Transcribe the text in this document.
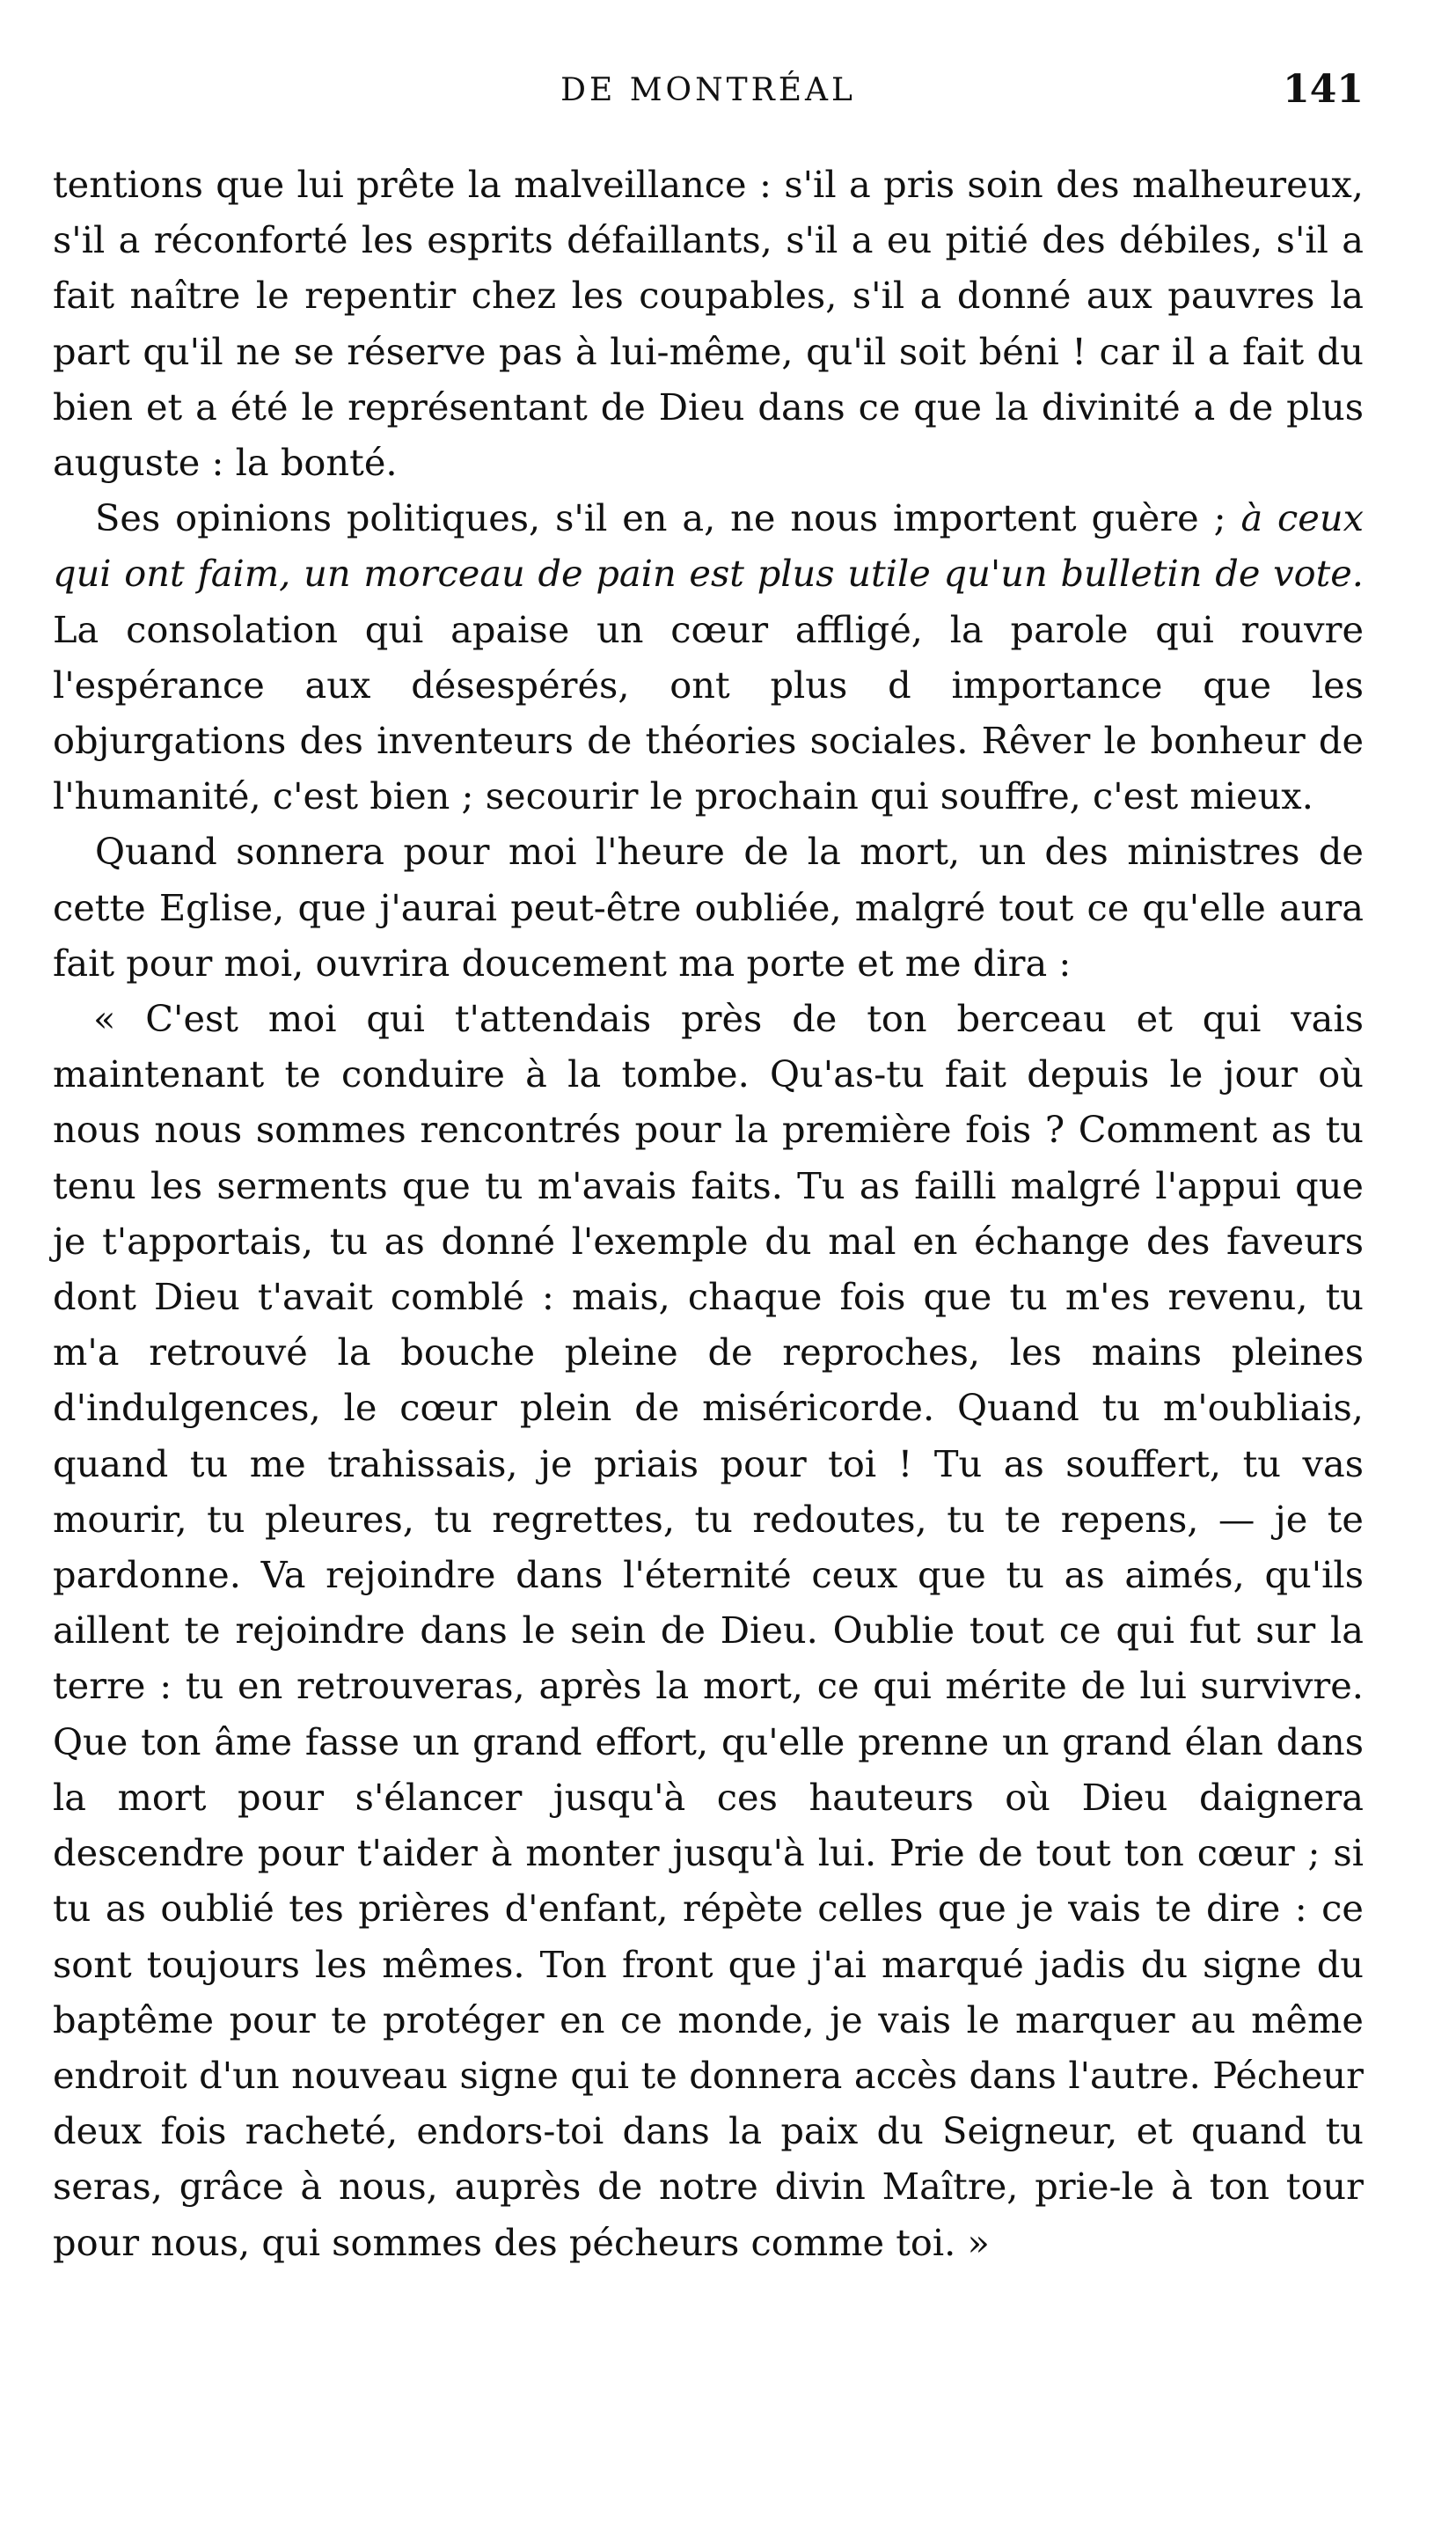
DE MONTRÉAL	141

tentions que lui prête la malveillance : s'il a pris soin des malheureux, s'il a réconforté les esprits défaillants, s'il a eu pitié des débiles, s'il a fait naître le repentir chez les coupables, s'il a donné aux pauvres la part qu'il ne se réserve pas à lui-même, qu'il soit béni ! car il a fait du bien et a été le représentant de Dieu dans ce que la divinité a de plus auguste : la bonté.

Ses opinions politiques, s'il en a, ne nous importent guère ; à ceux qui ont faim, un morceau de pain est plus utile qu'un bulletin de vote. La consolation qui apaise un cœur affligé, la parole qui rouvre l'espérance aux désespérés, ont plus d importance que les objurgations des inventeurs de théories sociales. Rêver le bonheur de l'humanité, c'est bien ; secourir le prochain qui souffre, c'est mieux.

Quand sonnera pour moi l'heure de la mort, un des ministres de cette Eglise, que j'aurai peut-être oubliée, malgré tout ce qu'elle aura fait pour moi, ouvrira doucement ma porte et me dira :

« C'est moi qui t'attendais près de ton berceau et qui vais maintenant te conduire à la tombe. Qu'as-tu fait depuis le jour où nous nous sommes rencontrés pour la première fois ? Comment as tu tenu les serments que tu m'avais faits. Tu as failli malgré l'appui que je t'apportais, tu as donné l'exemple du mal en échange des faveurs dont Dieu t'avait comblé : mais, chaque fois que tu m'es revenu, tu m'a retrouvé la bouche pleine de reproches, les mains pleines d'indulgences, le cœur plein de miséricorde. Quand tu m'oubliais, quand tu me trahissais, je priais pour toi ! Tu as souffert, tu vas mourir, tu pleures, tu regrettes, tu redoutes, tu te repens, — je te pardonne. Va rejoindre dans l'éternité ceux que tu as aimés, qu'ils aillent te rejoindre dans le sein de Dieu. Oublie tout ce qui fut sur la terre : tu en retrouveras, après la mort, ce qui mérite de lui survivre. Que ton âme fasse un grand effort, qu'elle prenne un grand élan dans la mort pour s'élancer jusqu'à ces hauteurs où Dieu daignera descendre pour t'aider à monter jusqu'à lui. Prie de tout ton cœur ; si tu as oublié tes prières d'enfant, répète celles que je vais te dire : ce sont toujours les mêmes. Ton front que j'ai marqué jadis du signe du baptême pour te protéger en ce monde, je vais le marquer au même endroit d'un nouveau signe qui te donnera accès dans l'autre. Pécheur deux fois racheté, endors-toi dans la paix du Seigneur, et quand tu seras, grâce à nous, auprès de notre divin Maître, prie-le à ton tour pour nous, qui sommes des pécheurs comme toi. »
